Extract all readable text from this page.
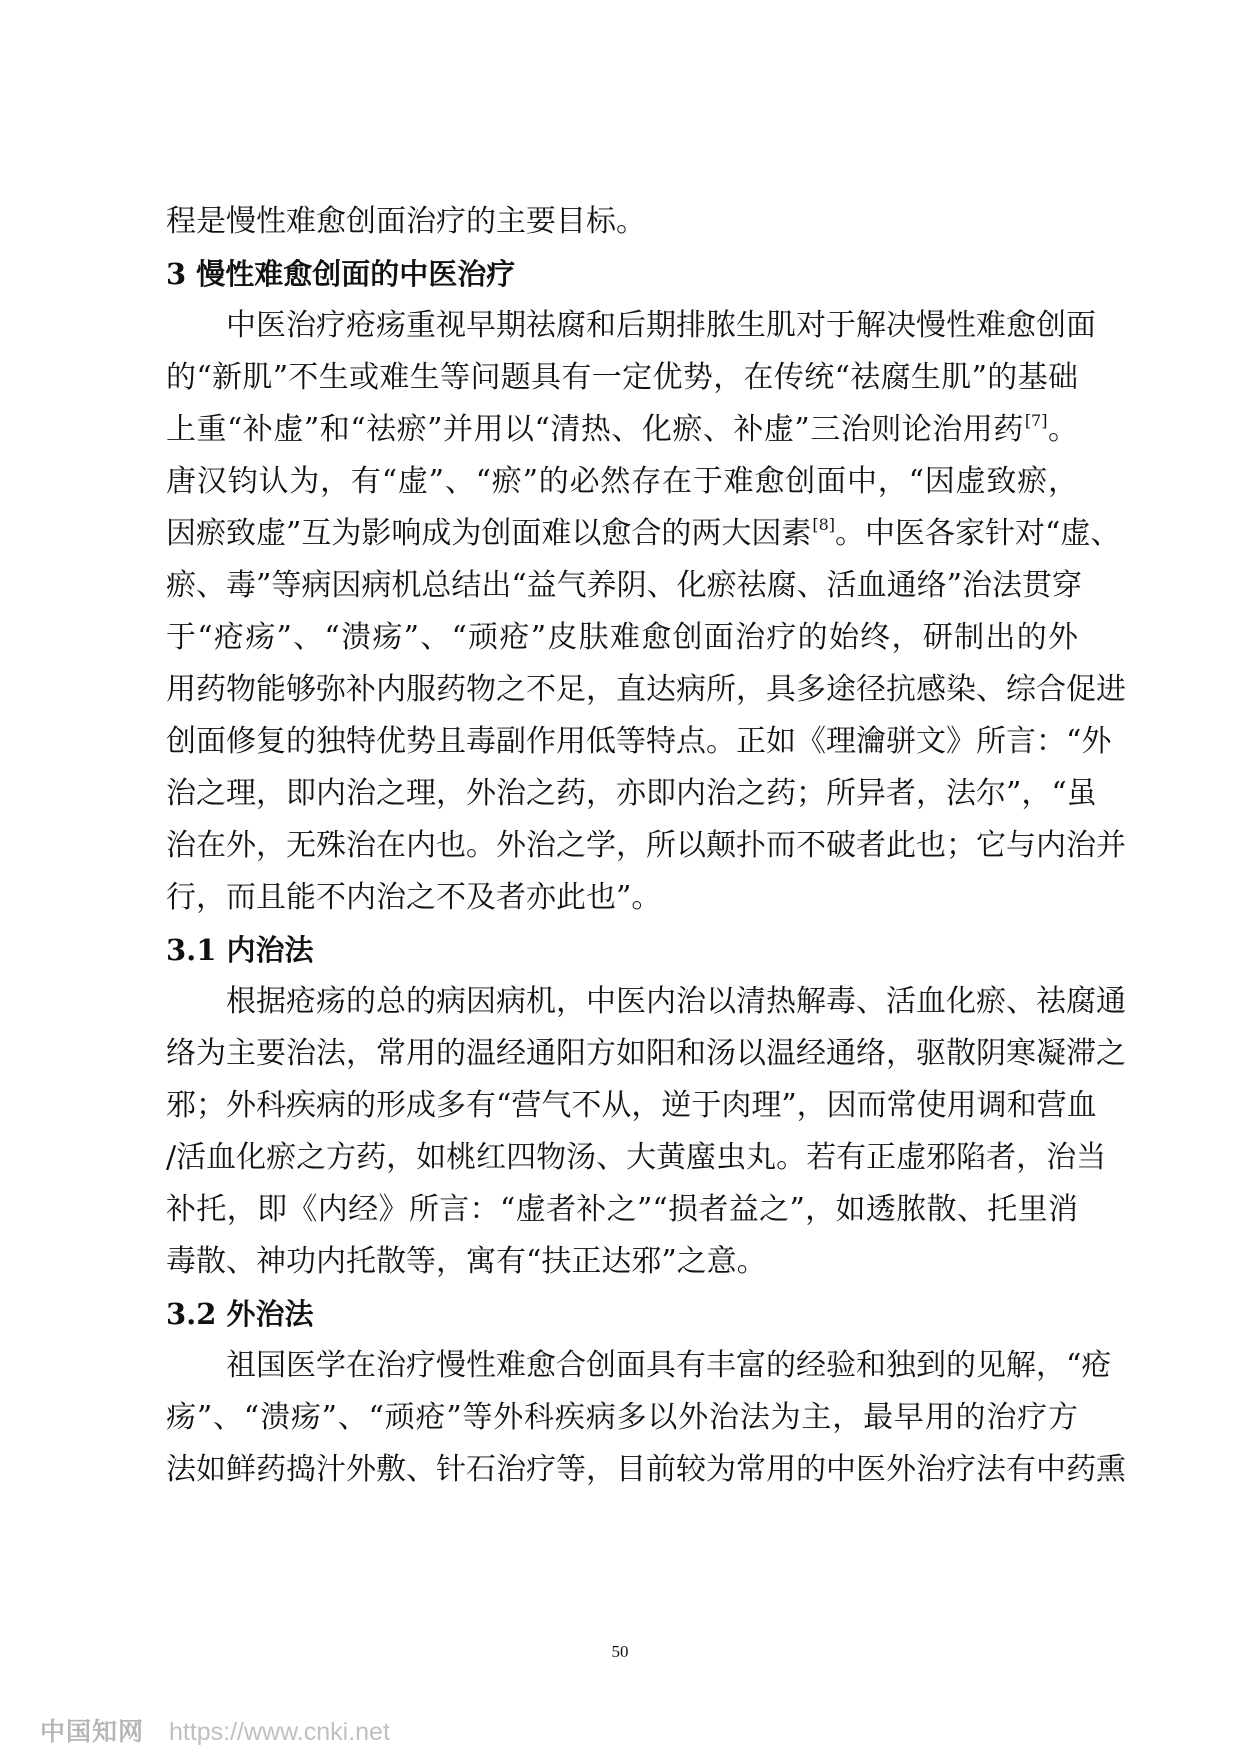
程是慢性难愈创面治疗的主要目标。
3 慢性难愈创面的中医治疗
中医治疗疮疡重视早期祛腐和后期排脓生肌对于解决慢性难愈创面
的“新肌”不生或难生等问题具有一定优势，在传统“祛腐生肌”的基础
上重“补虚”和“祛瘀”并用以“清热、化瘀、补虚”三治则论治用药[7]。
唐汉钧认为，有“虚”、“瘀”的必然存在于难愈创面中，“因虚致瘀，
因瘀致虚”互为影响成为创面难以愈合的两大因素[8]。中医各家针对“虚、
瘀、毒”等病因病机总结出“益气养阴、化瘀祛腐、活血通络”治法贯穿
于“疮疡”、“溃疡”、“顽疮”皮肤难愈创面治疗的始终，研制出的外
用药物能够弥补内服药物之不足，直达病所，具多途径抗感染、综合促进
创面修复的独特优势且毒副作用低等特点。正如《理瀹骈文》所言：“外
治之理，即内治之理，外治之药，亦即内治之药；所异者，法尔”，“虽
治在外，无殊治在内也。外治之学，所以颠扑而不破者此也；它与内治并
行，而且能不内治之不及者亦此也”。
3.1 内治法
根据疮疡的总的病因病机，中医内治以清热解毒、活血化瘀、祛腐通
络为主要治法，常用的温经通阳方如阳和汤以温经通络，驱散阴寒凝滞之
邪；外科疾病的形成多有“营气不从，逆于肉理”，因而常使用调和营血
/活血化瘀之方药，如桃红四物汤、大黄䗪虫丸。若有正虚邪陷者，治当
补托，即《内经》所言：“虚者补之”“损者益之”，如透脓散、托里消
毒散、神功内托散等，寓有“扶正达邪”之意。
3.2 外治法
祖国医学在治疗慢性难愈合创面具有丰富的经验和独到的见解，“疮
疡”、“溃疡”、“顽疮”等外科疾病多以外治法为主，最早用的治疗方
法如鲜药捣汁外敷、针石治疗等，目前较为常用的中医外治疗法有中药熏
50
中国知网 https://www.cnki.net
